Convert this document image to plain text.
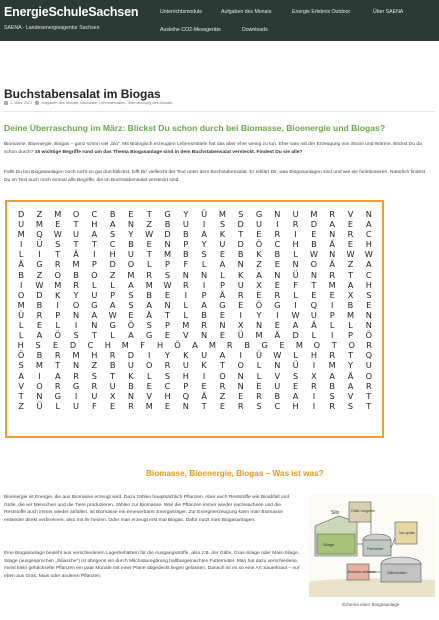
EnergieSchuleSachsen
SAENA - Landesenergieagentur Sachsen
Unterrichtsmodule	Aufgaben des Monats	Energie Erlebnis Outdoor	Über SAENA
Ausleihe CO2-Messgeräte	Downloads
Buchstabensalat im Biogas
1. März 2021 Aufgaben des Monats, Biomasse, Lehrmaterialien, Überraschung des Monats
Deine Überraschung im März: Blickst Du schon durch bei Biomasse, Bioenergie und Biogas?
Biomasse, Bioenergie, Biogas – ganz schön viel „bio“. Mit Biologisch erzeugten Lebensmitteln hat das aber eher wenig zu tun. Eher was mit der Erzeugung von Strom und Wärme. Blickst Du da schon durch? 15 wichtige Begriffe rund um das Thema Biogasanlage sind in dem Buchstabensalat versteckt. Findest Du sie alle?
Falls Du bei Biogasanlagen noch nicht so gut durchblickst, hilft Dir vielleicht der Text unter dem Buchstabensalat. Er erklärt Dir, was Biogasanlagen sind und wie sie funktionieren. Natürlich findest Du im Text auch noch einmal alle Begriffe, die im Buchstabensalat versteckt sind.
D	Z	M	O	C	B	E	T	G	Y	Ü	M	S	G	N	U	M	R	V	N
U	M	E	T	H	A	N	Z	B	U	I	S	D	U	I	R	D	A	E	A
M	Q	W	U	A	S	Y	W	D	B	A	K	T	E	R	I	E	N	R	C
I	Ü	S	T	T	C	B	E	N	P	Y	U	D	Ö	C	H	B	Ä	E	H
L	I	T	Ä	I	H	U	T	M	B	S	E	B	K	B	L	W	N	W	W
Ä	G	R	M	P	D	O	L	P	F	L	A	N	Z	E	N	O	Ä	Z	A
B	Z	O	B	O	Z	M	R	S	N	N	L	K	A	N	Ü	N	R	T	C
I	W	M	R	L	L	A	M	W	R	I	P	U	X	E	F	T	M	A	H
O	D	K	Y	U	P	S	B	E	I	P	Ä	R	E	R	L	E	E	X	S
M	B	I	O	G	A	S	A	N	L	A	G	E	Ö	G	I	Q	I	B	E
Ü	R	P	N	A	W	E	Ä	T	L	B	E	I	Y	I	W	U	P	M	N
L	E	L	I	N	G	Ö	S	P	M	R	N	X	N	E	A	Ä	L	L	N
L	A	Ö	S	T	L	A	G	E	V	N	E	Ü	M	Ä	D	L	I	P	Ö
H	S	E	D	C	H	M	F	H	Ö	A	M	R	B	G	E	M	O	T	O	R
Ö	B	R	M	H	R	D	I	Y	K	U	A	I	Ü	W	L	H	R	T	Q
S	M	T	N	Z	B	U	O	R	U	K	T	O	L	N	Ü	I	M	Y	U
A	I	A	R	S	T	K	L	S	H	I	O	N	L	V	S	X	A	Ä	O
V	O	R	G	R	U	B	E	C	P	E	R	N	E	U	E	R	B	A	R
T	N	G	I	U	X	N	V	H	Q	Ä	Z	E	R	B	A	I	S	V	T
Z	Ü	L	U	F	E	R	M	E	N	T	E	R	S	C	H	I	R	S	T
Biomasse, Bioenergie, Biogas – Was ist was?
Bioenergie ist Energie, die aus Biomasse erzeugt wird. Dazu zählen hauptsächlich Pflanzen. Aber auch Reststoffe wie Bioabfall und Gülle, die wir Menschen und die Tiere produzieren, zählen zur Biomasse. Weil die Pflanzen immer wieder nachwachsen und die Reststoffe auch immer wieder anfallen, ist Biomasse ein erneuerbarer Energieträger. Zur Energieerzeugung kann man Biomasse entweder direkt verbrennen, also mit ihr heizen. Oder man erzeugt erst mal Biogas. Dafür nutzt man Biogasanlagen.
Eine Biogasanlage besteht aus verschiedenen Lagerbehältern für die Ausgangsstoffe, also z.B. der Gülle, Gras-Silage oder Mais-Silage. Silage (ausgesprochen „Siliasche“) ist übrigens ein durch Milchsäuregärung haltbargemachtes Futtermittel. Man hat dazu verschiedene, meist klein gehäckselte Pflanzen ein paar Monate mit einer Plane abgedeckt liegen gelassen. Danach ist es so eine Art Sauerkraut – nur eben aus Gras, Mais oder anderen Pflanzen.
Silo
Silage
Gülle-Vorgrube
Vor-grube
Fermenter
Blockheiz-kraftwerk	Gärbehälter
Schema einer Biogasanlage
